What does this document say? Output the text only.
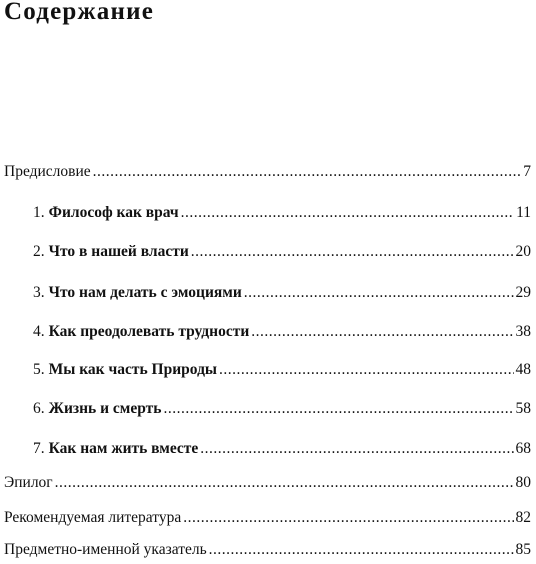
Содержание
Предисловие .....	7
1. Философ как врач .....	11
2. Что в нашей власти .....	20
3. Что нам делать с эмоциями .....	29
4. Как преодолевать трудности .....	38
5. Мы как часть Природы .....	48
6. Жизнь и смерть .....	58
7. Как нам жить вместе .....	68
Эпилог .....	80
Рекомендуемая литература .....	82
Предметно-именной указатель .....	85
